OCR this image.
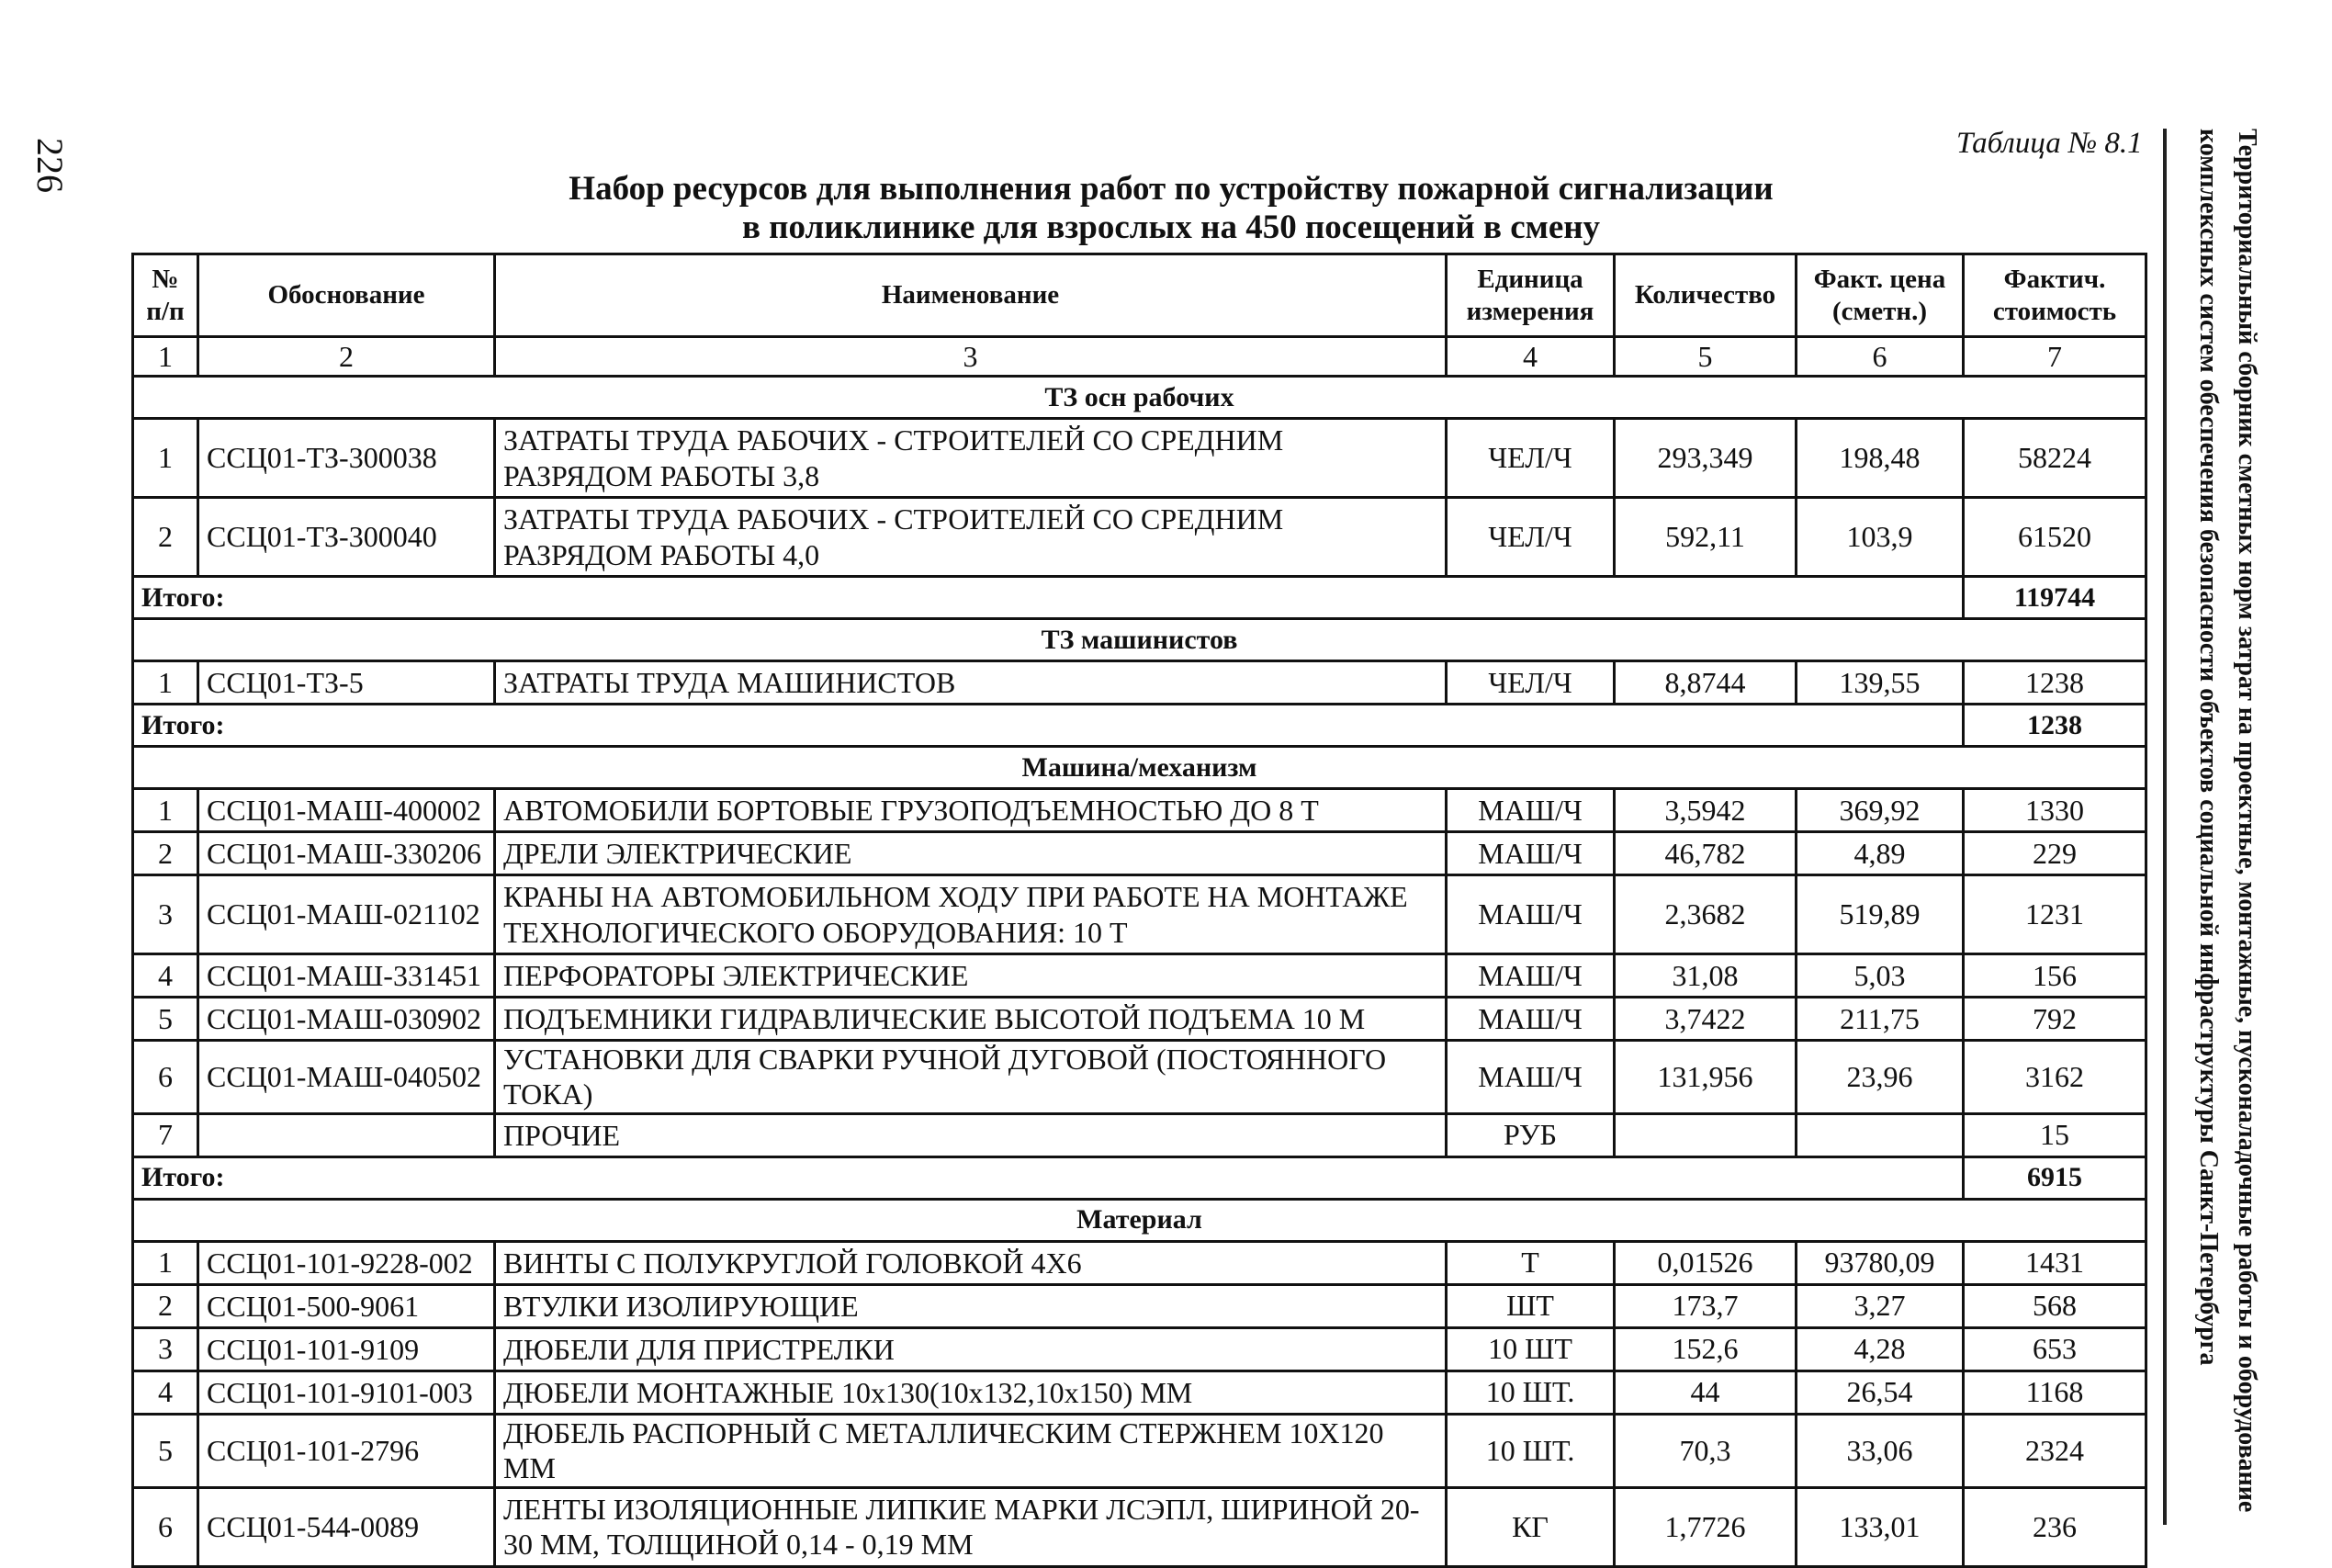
226	Таблица № 8.1	Территориальный сборник сметных норм затрат на проектные, монтажные, пусконаладочные работы и оборудование
комплексных систем обеспечения безопасности объектов социальной инфраструктуры Санкт-Петербурга
Набор ресурсов для выполнения работ по устройству пожарной сигнализации
в поликлинике для взрослых на 450 посещений в смену
№ п/п	Обоснование	Наименование	Единица измерения	Количество	Факт. цена (сметн.)	Фактич. стоимость
1	2	3	4	5	6	7
ТЗ осн рабочих						
1	ССЦ01-ТЗ-300038	ЗАТРАТЫ ТРУДА РАБОЧИХ - СТРОИТЕЛЕЙ СО СРЕДНИМ РАЗРЯДОМ РАБОТЫ 3,8	ЧЕЛ/Ч	293,349	198,48	58224
2	ССЦ01-ТЗ-300040	ЗАТРАТЫ ТРУДА РАБОЧИХ - СТРОИТЕЛЕЙ СО СРЕДНИМ РАЗРЯДОМ РАБОТЫ 4,0	ЧЕЛ/Ч	592,11	103,9	61520
Итого:						119744
ТЗ машинистов						
1	ССЦ01-ТЗ-5	ЗАТРАТЫ ТРУДА МАШИНИСТОВ	ЧЕЛ/Ч	8,8744	139,55	1238
Итого:						1238
Машина/механизм						
1	ССЦ01-МАШ-400002	АВТОМОБИЛИ БОРТОВЫЕ ГРУЗОПОДЪЕМНОСТЬЮ ДО 8 Т	МАШ/Ч	3,5942	369,92	1330
2	ССЦ01-МАШ-330206	ДРЕЛИ ЭЛЕКТРИЧЕСКИЕ	МАШ/Ч	46,782	4,89	229
3	ССЦ01-МАШ-021102	КРАНЫ НА АВТОМОБИЛЬНОМ ХОДУ ПРИ РАБОТЕ НА МОНТАЖЕ ТЕХНОЛОГИЧЕСКОГО ОБОРУДОВАНИЯ: 10 Т	МАШ/Ч	2,3682	519,89	1231
4	ССЦ01-МАШ-331451	ПЕРФОРАТОРЫ ЭЛЕКТРИЧЕСКИЕ	МАШ/Ч	31,08	5,03	156
5	ССЦ01-МАШ-030902	ПОДЪЕМНИКИ ГИДРАВЛИЧЕСКИЕ ВЫСОТОЙ ПОДЪЕМА 10 М	МАШ/Ч	3,7422	211,75	792
6	ССЦ01-МАШ-040502	УСТАНОВКИ ДЛЯ СВАРКИ РУЧНОЙ ДУГОВОЙ (ПОСТОЯННОГО ТОКА)	МАШ/Ч	131,956	23,96	3162
7		ПРОЧИЕ	РУБ			15
Итого:						6915
Материал						
1	ССЦ01-101-9228-002	ВИНТЫ С ПОЛУКРУГЛОЙ ГОЛОВКОЙ 4Х6	Т	0,01526	93780,09	1431
2	ССЦ01-500-9061	ВТУЛКИ ИЗОЛИРУЮЩИЕ	ШТ	173,7	3,27	568
3	ССЦ01-101-9109	ДЮБЕЛИ ДЛЯ ПРИСТРЕЛКИ	10 ШТ	152,6	4,28	653
4	ССЦ01-101-9101-003	ДЮБЕЛИ МОНТАЖНЫЕ 10х130(10х132,10х150) ММ	10 ШТ.	44	26,54	1168
5	ССЦ01-101-2796	ДЮБЕЛЬ РАСПОРНЫЙ С МЕТАЛЛИЧЕСКИМ СТЕРЖНЕМ 10Х120 ММ	10 ШТ.	70,3	33,06	2324
6	ССЦ01-544-0089	ЛЕНТЫ ИЗОЛЯЦИОННЫЕ ЛИПКИЕ МАРКИ ЛСЭПЛ, ШИРИНОЙ 20-30 ММ, ТОЛЩИНОЙ 0,14 - 0,19 ММ	КГ	1,7726	133,01	236
